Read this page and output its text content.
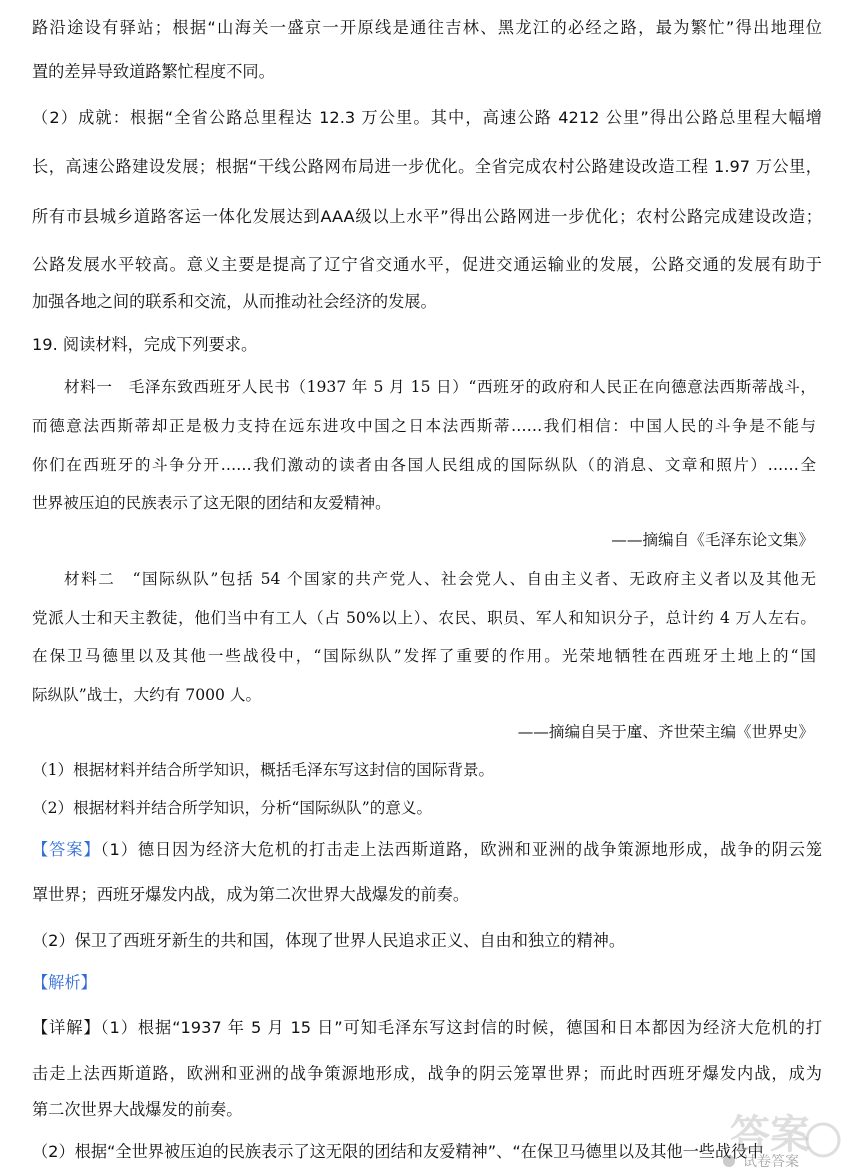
路沿途设有驿站；根据“山海关一盛京一开原线是通往吉林、黑龙江的必经之路，最为繁忙”得出地理位
置的差异导致道路繁忙程度不同。
（2）成就：根据“全省公路总里程达 12.3 万公里。其中，高速公路 4212 公里”得出公路总里程大幅增
长，高速公路建设发展；根据“干线公路网布局进一步优化。全省完成农村公路建设改造工程 1.97 万公里，
所有市县城乡道路客运一体化发展达到AAA级以上水平”得出公路网进一步优化；农村公路完成建设改造；
公路发展水平较高。意义主要是提高了辽宁省交通水平，促进交通运输业的发展，公路交通的发展有助于
加强各地之间的联系和交流，从而推动社会经济的发展。
19. 阅读材料，完成下列要求。
材料一　毛泽东致西班牙人民书（1937 年 5 月 15 日）“西班牙的政府和人民正在向德意法西斯蒂战斗，
而德意法西斯蒂却正是极力支持在远东进攻中国之日本法西斯蒂……我们相信：中国人民的斗争是不能与
你们在西班牙的斗争分开……我们激动的读者由各国人民组成的国际纵队（的消息、文章和照片）……全
世界被压迫的民族表示了这无限的团结和友爱精神。
——摘编自《毛泽东论文集》
材料二　“国际纵队”包括 54 个国家的共产党人、社会党人、自由主义者、无政府主义者以及其他无
党派人士和天主教徒，他们当中有工人（占 50%以上）、农民、职员、军人和知识分子，总计约 4 万人左右。
在保卫马德里以及其他一些战役中，“国际纵队”发挥了重要的作用。光荣地牺牲在西班牙土地上的“国
际纵队”战士，大约有 7000 人。
——摘编自吴于廑、齐世荣主编《世界史》
（1）根据材料并结合所学知识，概括毛泽东写这封信的国际背景。
（2）根据材料并结合所学知识，分析“国际纵队”的意义。
【答案】（1）德日因为经济大危机的打击走上法西斯道路，欧洲和亚洲的战争策源地形成，战争的阴云笼
罩世界；西班牙爆发内战，成为第二次世界大战爆发的前奏。
（2）保卫了西班牙新生的共和国，体现了世界人民追求正义、自由和独立的精神。
【解析】
【详解】（1）根据“1937 年 5 月 15 日”可知毛泽东写这封信的时候，德国和日本都因为经济大危机的打
击走上法西斯道路，欧洲和亚洲的战争策源地形成，战争的阴云笼罩世界；而此时西班牙爆发内战，成为
第二次世界大战爆发的前奏。
（2）根据“全世界被压迫的民族表示了这无限的团结和友爱精神”、“在保卫马德里以及其他一些战役中
答案
试卷答案
